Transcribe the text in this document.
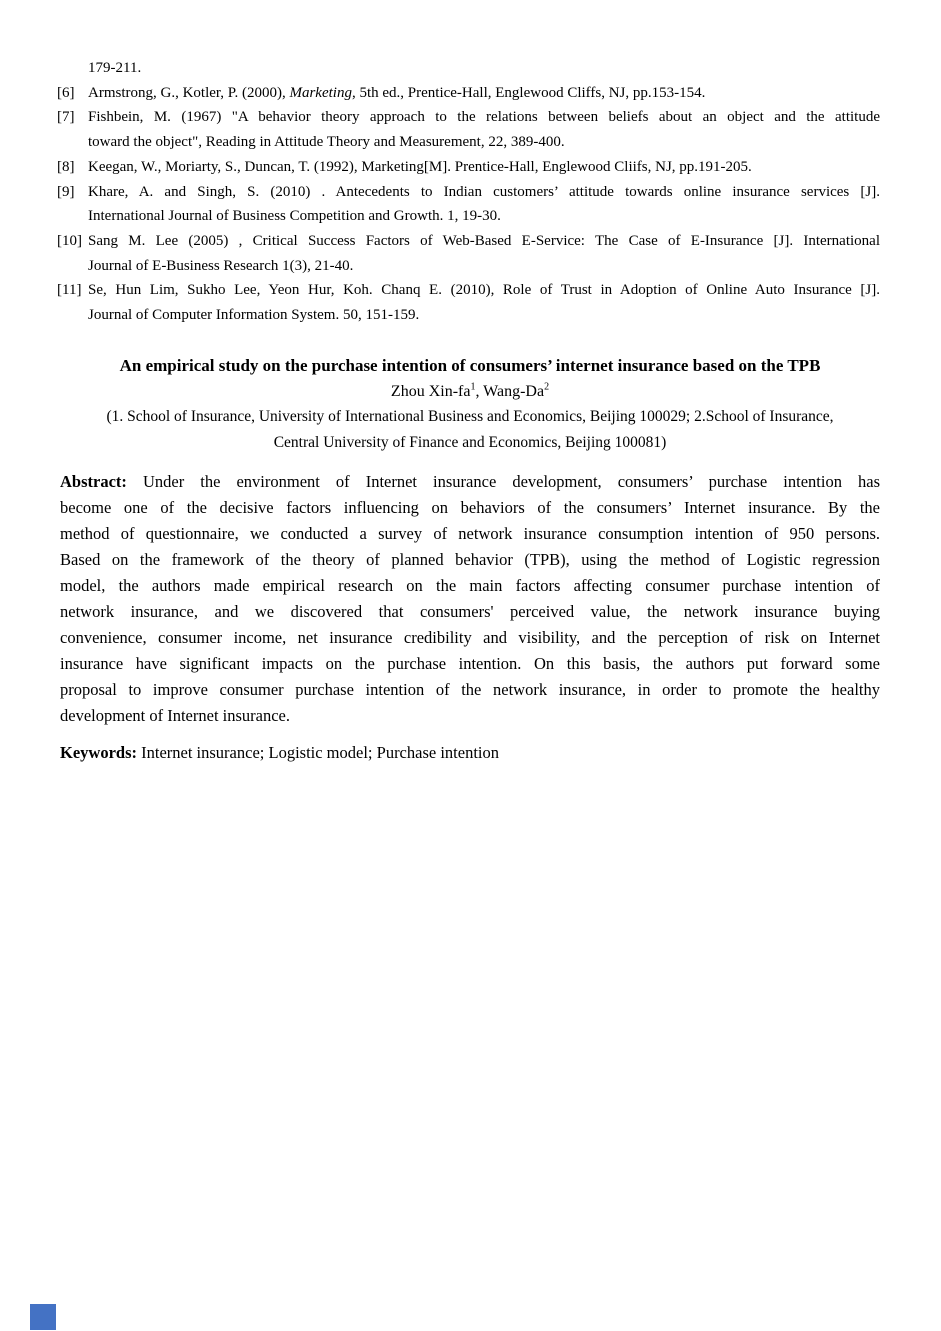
179-211.
[6] Armstrong, G., Kotler, P. (2000), Marketing, 5th ed., Prentice-Hall, Englewood Cliffs, NJ, pp.153-154.
[7] Fishbein, M. (1967) "A behavior theory approach to the relations between beliefs about an object and the attitude
toward the object", Reading in Attitude Theory and Measurement, 22, 389-400.
[8] Keegan, W., Moriarty, S., Duncan, T. (1992), Marketing[M]. Prentice-Hall, Englewood Cliifs, NJ, pp.191-205.
[9] Khare, A. and Singh, S. (2010) . Antecedents to Indian customers’ attitude towards online insurance services [J].
International Journal of Business Competition and Growth. 1, 19-30.
[10] Sang M. Lee (2005) , Critical Success Factors of Web-Based E-Service: The Case of E-Insurance [J]. International
Journal of E-Business Research 1(3), 21-40.
[11] Se, Hun Lim, Sukho Lee, Yeon Hur, Koh. Chanq E. (2010), Role of Trust in Adoption of Online Auto Insurance [J].
Journal of Computer Information System. 50, 151-159.
An empirical study on the purchase intention of consumers’ internet insurance based on the TPB
Zhou Xin-$fa^1$, Wang-Da$^2$
(1. School of Insurance, University of International Business and Economics, Beijing 100029; 2.School of Insurance,
Central University of Finance and Economics, Beijing 100081)
Abstract: Under the environment of Internet insurance development, consumers’ purchase intention has
become one of the decisive factors influencing on behaviors of the consumers’ Internet insurance. By the
method of questionnaire, we conducted a survey of network insurance consumption intention of 950 persons.
Based on the framework of the theory of planned behavior (TPB), using the method of Logistic regression
model, the authors made empirical research on the main factors affecting consumer purchase intention of
network insurance, and we discovered that consumers' perceived value, the network insurance buying
convenience, consumer income, net insurance credibility and visibility, and the perception of risk on Internet
insurance have significant impacts on the purchase intention. On this basis, the authors put forward some
proposal to improve consumer purchase intention of the network insurance, in order to promote the healthy
development of Internet insurance.
Keywords: Internet insurance; Logistic model; Purchase intention
